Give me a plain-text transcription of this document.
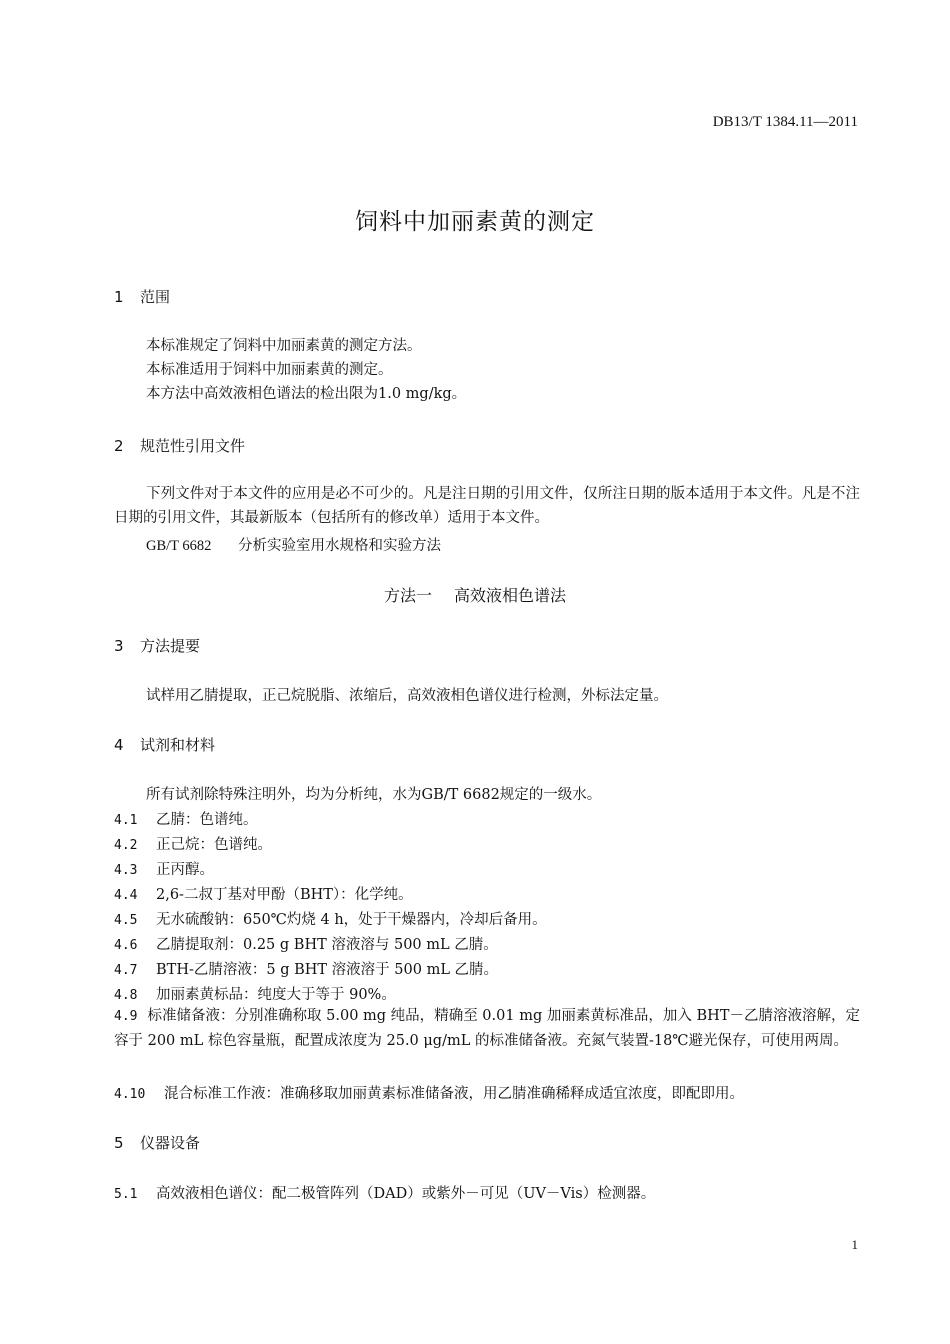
DB13/T 1384.11—2011
饲料中加丽素黄的测定
1 范围
本标准规定了饲料中加丽素黄的测定方法。
本标准适用于饲料中加丽素黄的测定。
本方法中高效液相色谱法的检出限为1.0 mg/kg。
2 规范性引用文件
下列文件对于本文件的应用是必不可少的。凡是注日期的引用文件，仅所注日期的版本适用于本文件。凡是不注日期的引用文件，其最新版本（包括所有的修改单）适用于本文件。
GB/T 6682 分析实验室用水规格和实验方法
方法一 高效液相色谱法
3 方法提要
试样用乙腈提取，正己烷脱脂、浓缩后，高效液相色谱仪进行检测，外标法定量。
4 试剂和材料
所有试剂除特殊注明外，均为分析纯，水为GB/T 6682规定的一级水。
4.1 乙腈：色谱纯。
4.2 正己烷：色谱纯。
4.3 正丙醇。
4.4 2,6-二叔丁基对甲酚（BHT）：化学纯。
4.5 无水硫酸钠：650℃灼烧 4 h，处于干燥器内，冷却后备用。
4.6 乙腈提取剂：0.25 g BHT 溶液溶与 500 mL 乙腈。
4.7 BTH-乙腈溶液：5 g BHT 溶液溶于 500 mL 乙腈。
4.8 加丽素黄标品：纯度大于等于 90%。
4.9 标准储备液：分别准确称取 5.00 mg 纯品，精确至 0.01 mg 加丽素黄标准品，加入 BHT－乙腈溶液溶解，定容于 200 mL 棕色容量瓶，配置成浓度为 25.0 μg/mL 的标准储备液。充氮气装置-18℃避光保存，可使用两周。
4.10 混合标准工作液：准确移取加丽黄素标准储备液，用乙腈准确稀释成适宜浓度，即配即用。
5 仪器设备
5.1 高效液相色谱仪：配二极管阵列（DAD）或紫外－可见（UV－Vis）检测器。
1
